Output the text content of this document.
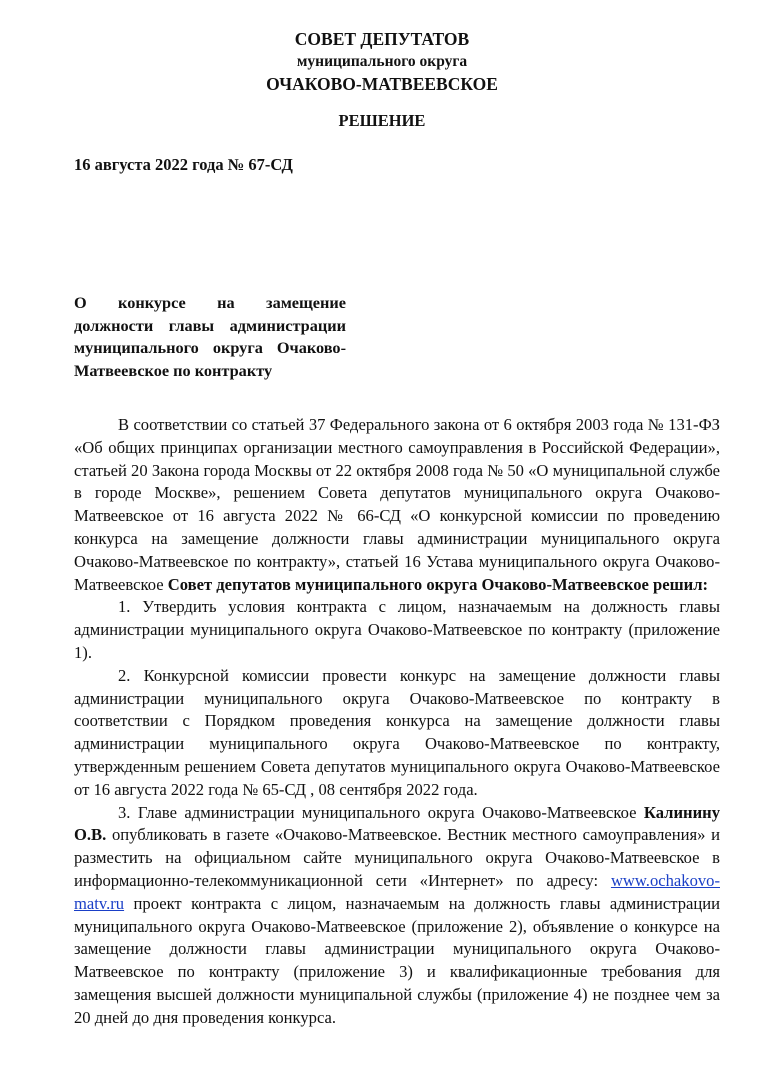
СОВЕТ ДЕПУТАТОВ
муниципального округа
ОЧАКОВО-МАТВЕЕВСКОЕ
РЕШЕНИЕ
16 августа 2022 года № 67-СД
О конкурсе на замещение должности главы администрации муниципального округа Очаково-Матвеевское по контракту

В соответствии со статьей 37 Федерального закона от 6 октября 2003 года № 131-ФЗ «Об общих принципах организации местного самоуправления в Российской Федерации», статьей 20 Закона города Москвы от 22 октября 2008 года № 50 «О муниципальной службе в городе Москве», решением Совета депутатов муниципального округа Очаково-Матвеевское от 16 августа 2022 № 66-СД «О конкурсной комиссии по проведению конкурса на замещение должности главы администрации муниципального округа Очаково-Матвеевское по контракту», статьей 16 Устава муниципального округа Очаково-Матвеевское Совет депутатов муниципального округа Очаково-Матвеевское решил:

1. Утвердить условия контракта с лицом, назначаемым на должность главы администрации муниципального округа Очаково-Матвеевское по контракту (приложение 1).

2. Конкурсной комиссии провести конкурс на замещение должности главы администрации муниципального округа Очаково-Матвеевское по контракту в соответствии с Порядком проведения конкурса на замещение должности главы администрации муниципального округа Очаково-Матвеевское по контракту, утвержденным решением Совета депутатов муниципального округа Очаково-Матвеевское от 16 августа 2022 года № 65-СД , 08 сентября 2022 года.

3. Главе администрации муниципального округа Очаково-Матвеевское Калинину О.В. опубликовать в газете «Очаково-Матвеевское. Вестник местного самоуправления» и разместить на официальном сайте муниципального округа Очаково-Матвеевское в информационно-телекоммуникационной сети «Интернет» по адресу: www.ochakovo-matv.ru проект контракта с лицом, назначаемым на должность главы администрации муниципального округа Очаково-Матвеевское (приложение 2), объявление о конкурсе на замещение должности главы администрации муниципального округа Очаково-Матвеевское по контракту (приложение 3) и квалификационные требования для замещения высшей должности муниципальной службы (приложение 4) не позднее чем за 20 дней до дня проведения конкурса.
